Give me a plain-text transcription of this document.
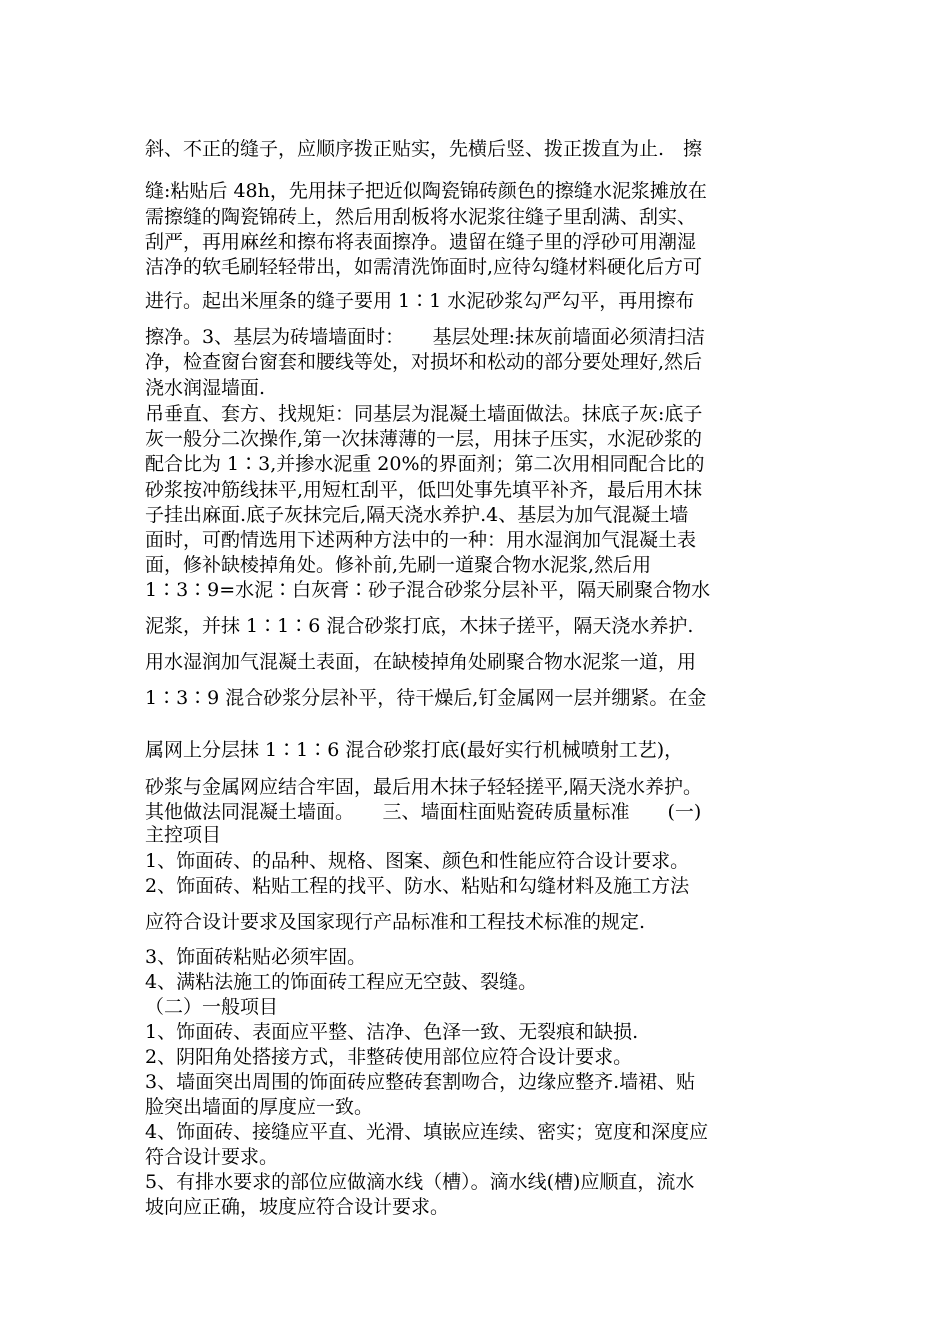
斜、不正的缝子，应顺序拨正贴实，先横后竖、拨正拨直为止.　擦
缝:粘贴后 48h，先用抹子把近似陶瓷锦砖颜色的擦缝水泥浆摊放在
需擦缝的陶瓷锦砖上，然后用刮板将水泥浆往缝子里刮满、刮实、
刮严，再用麻丝和擦布将表面擦净。遗留在缝子里的浮砂可用潮湿
洁净的软毛刷轻轻带出，如需清洗饰面时,应待勾缝材料硬化后方可
进行。起出米厘条的缝子要用 1∶1 水泥砂浆勾严勾平，再用擦布
擦净。3、基层为砖墙墙面时：　　基层处理:抹灰前墙面必须清扫洁
净，检查窗台窗套和腰线等处，对损坏和松动的部分要处理好,然后
浇水润湿墙面.
吊垂直、套方、找规矩：同基层为混凝土墙面做法。抹底子灰:底子
灰一般分二次操作,第一次抹薄薄的一层，用抹子压实，水泥砂浆的
配合比为 1∶3,并掺水泥重 20%的界面剂；第二次用相同配合比的
砂浆按冲筋线抹平,用短杠刮平，低凹处事先填平补齐，最后用木抹
子挂出麻面.底子灰抹完后,隔天浇水养护.4、基层为加气混凝土墙
面时，可酌情选用下述两种方法中的一种：用水湿润加气混凝土表
面，修补缺棱掉角处。修补前,先刷一道聚合物水泥浆,然后用
1∶3∶9=水泥∶白灰膏∶砂子混合砂浆分层补平，隔天刷聚合物水
泥浆，并抹 1∶1∶6 混合砂浆打底，木抹子搓平，隔天浇水养护.
用水湿润加气混凝土表面，在缺棱掉角处刷聚合物水泥浆一道，用
1∶3∶9 混合砂浆分层补平，待干燥后,钉金属网一层并绷紧。在金
属网上分层抹 1∶1∶6 混合砂浆打底(最好实行机械喷射工艺)，
砂浆与金属网应结合牢固，最后用木抹子轻轻搓平,隔天浇水养护。
其他做法同混凝土墙面。　　三、墙面柱面贴瓷砖质量标准　　(一)
主控项目
1、饰面砖、的品种、规格、图案、颜色和性能应符合设计要求。
2、饰面砖、粘贴工程的找平、防水、粘贴和勾缝材料及施工方法
应符合设计要求及国家现行产品标准和工程技术标准的规定.
3、饰面砖粘贴必须牢固。
4、满粘法施工的饰面砖工程应无空鼓、裂缝。
（二）一般项目
1、饰面砖、表面应平整、洁净、色泽一致、无裂痕和缺损.
2、阴阳角处搭接方式，非整砖使用部位应符合设计要求。
3、墙面突出周围的饰面砖应整砖套割吻合，边缘应整齐.墙裙、贴
脸突出墙面的厚度应一致。
4、饰面砖、接缝应平直、光滑、填嵌应连续、密实；宽度和深度应
符合设计要求。
5、有排水要求的部位应做滴水线（槽）。滴水线(槽)应顺直，流水
坡向应正确，坡度应符合设计要求。
